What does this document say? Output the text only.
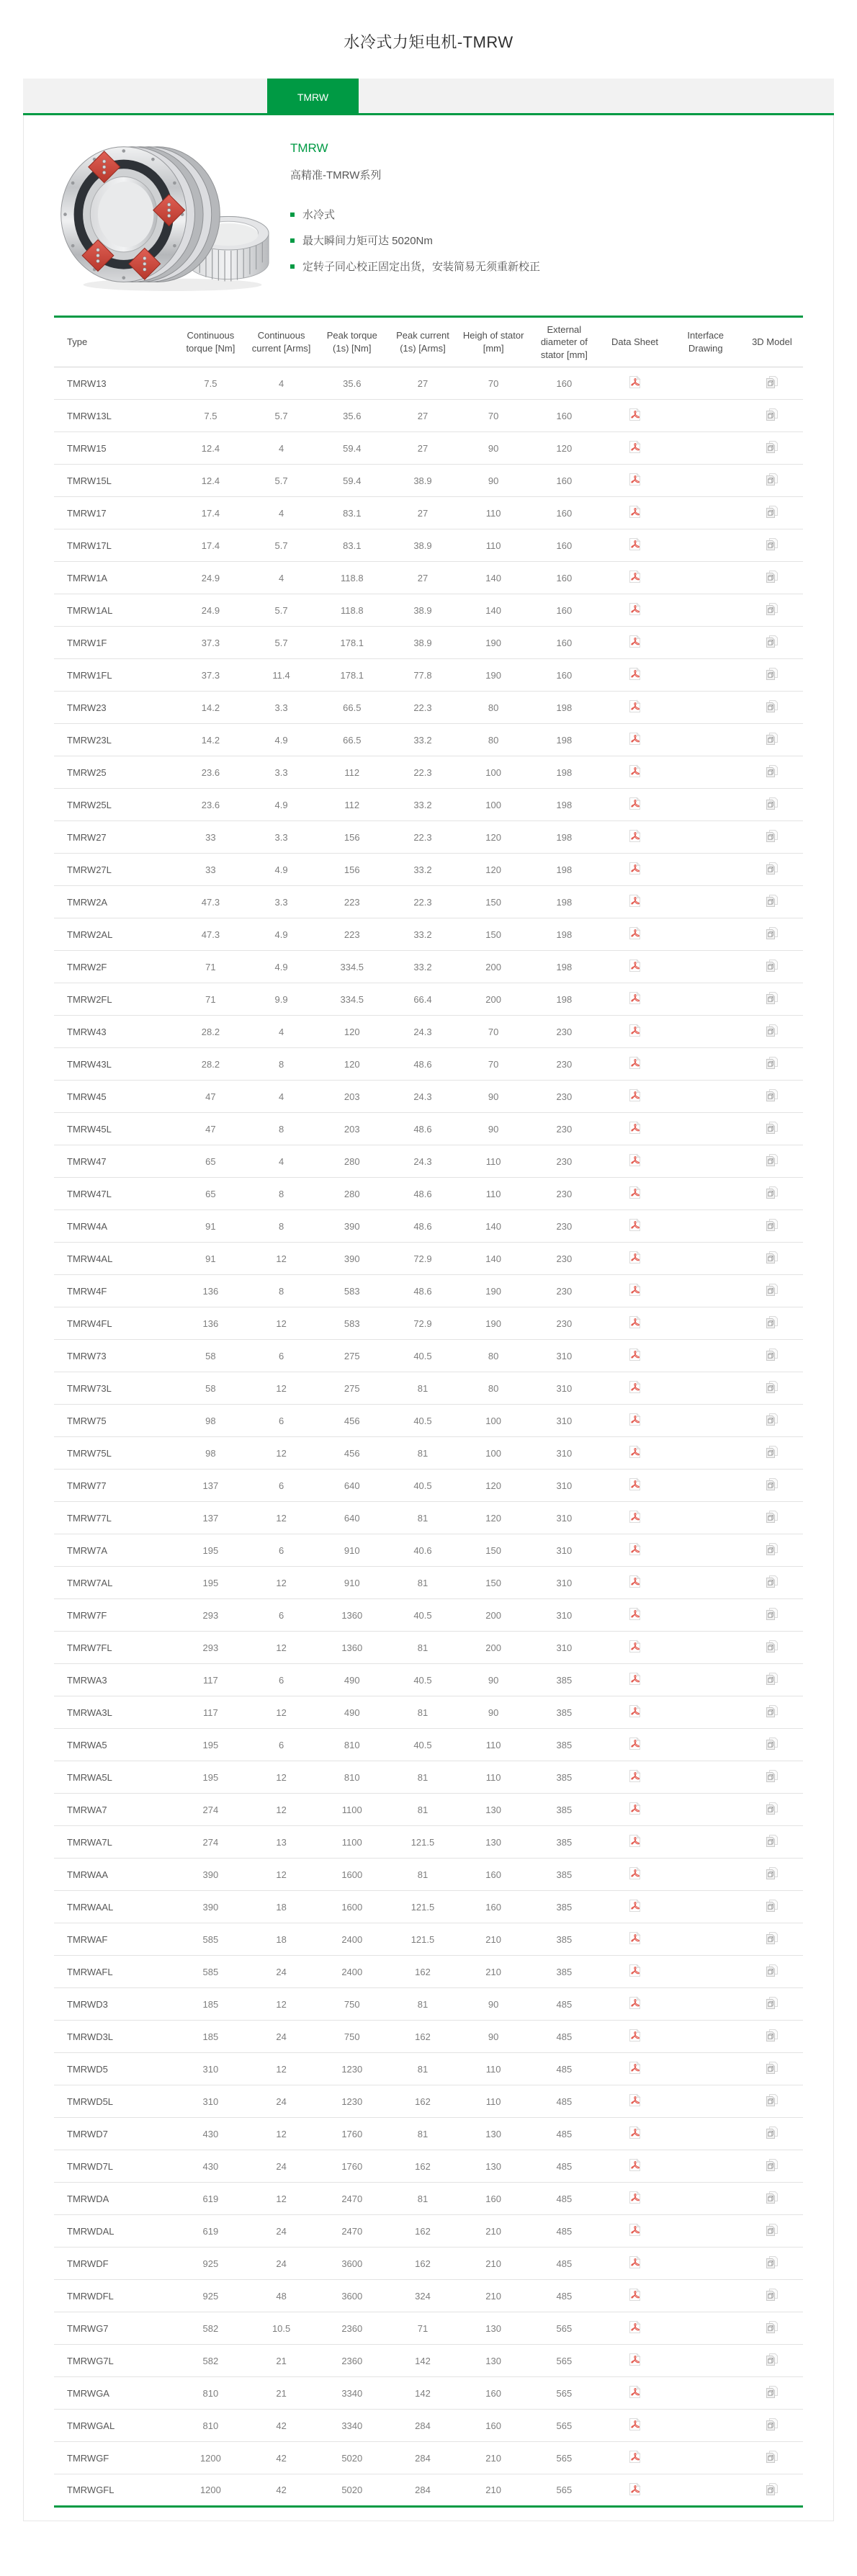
水冷式力矩电机-TMRW
TMRW
TMRW
高精准-TMRW系列
水冷式
最大瞬间力矩可达 5020Nm
定转子同心校正固定出货，安装简易无须重新校正
Type	Continuous torque [Nm]	Continuous current [Arms]	Peak torque (1s) [Nm]	Peak current (1s) [Arms]	Heigh of stator [mm]	External diameter of stator [mm]	Data Sheet	Interface Drawing	3D Model
TMRW13	7.5	4	35.6	27	70	160			
TMRW13L	7.5	5.7	35.6	27	70	160			
TMRW15	12.4	4	59.4	27	90	120			
TMRW15L	12.4	5.7	59.4	38.9	90	160			
TMRW17	17.4	4	83.1	27	110	160			
TMRW17L	17.4	5.7	83.1	38.9	110	160			
TMRW1A	24.9	4	118.8	27	140	160			
TMRW1AL	24.9	5.7	118.8	38.9	140	160			
TMRW1F	37.3	5.7	178.1	38.9	190	160			
TMRW1FL	37.3	11.4	178.1	77.8	190	160			
TMRW23	14.2	3.3	66.5	22.3	80	198			
TMRW23L	14.2	4.9	66.5	33.2	80	198			
TMRW25	23.6	3.3	112	22.3	100	198			
TMRW25L	23.6	4.9	112	33.2	100	198			
TMRW27	33	3.3	156	22.3	120	198			
TMRW27L	33	4.9	156	33.2	120	198			
TMRW2A	47.3	3.3	223	22.3	150	198			
TMRW2AL	47.3	4.9	223	33.2	150	198			
TMRW2F	71	4.9	334.5	33.2	200	198			
TMRW2FL	71	9.9	334.5	66.4	200	198			
TMRW43	28.2	4	120	24.3	70	230			
TMRW43L	28.2	8	120	48.6	70	230			
TMRW45	47	4	203	24.3	90	230			
TMRW45L	47	8	203	48.6	90	230			
TMRW47	65	4	280	24.3	110	230			
TMRW47L	65	8	280	48.6	110	230			
TMRW4A	91	8	390	48.6	140	230			
TMRW4AL	91	12	390	72.9	140	230			
TMRW4F	136	8	583	48.6	190	230			
TMRW4FL	136	12	583	72.9	190	230			
TMRW73	58	6	275	40.5	80	310			
TMRW73L	58	12	275	81	80	310			
TMRW75	98	6	456	40.5	100	310			
TMRW75L	98	12	456	81	100	310			
TMRW77	137	6	640	40.5	120	310			
TMRW77L	137	12	640	81	120	310			
TMRW7A	195	6	910	40.6	150	310			
TMRW7AL	195	12	910	81	150	310			
TMRW7F	293	6	1360	40.5	200	310			
TMRW7FL	293	12	1360	81	200	310			
TMRWA3	117	6	490	40.5	90	385			
TMRWA3L	117	12	490	81	90	385			
TMRWA5	195	6	810	40.5	110	385			
TMRWA5L	195	12	810	81	110	385			
TMRWA7	274	12	1100	81	130	385			
TMRWA7L	274	13	1100	121.5	130	385			
TMRWAA	390	12	1600	81	160	385			
TMRWAAL	390	18	1600	121.5	160	385			
TMRWAF	585	18	2400	121.5	210	385			
TMRWAFL	585	24	2400	162	210	385			
TMRWD3	185	12	750	81	90	485			
TMRWD3L	185	24	750	162	90	485			
TMRWD5	310	12	1230	81	110	485			
TMRWD5L	310	24	1230	162	110	485			
TMRWD7	430	12	1760	81	130	485			
TMRWD7L	430	24	1760	162	130	485			
TMRWDA	619	12	2470	81	160	485			
TMRWDAL	619	24	2470	162	210	485			
TMRWDF	925	24	3600	162	210	485			
TMRWDFL	925	48	3600	324	210	485			
TMRWG7	582	10.5	2360	71	130	565			
TMRWG7L	582	21	2360	142	130	565			
TMRWGA	810	21	3340	142	160	565			
TMRWGAL	810	42	3340	284	160	565			
TMRWGF	1200	42	5020	284	210	565			
TMRWGFL	1200	42	5020	284	210	565			
